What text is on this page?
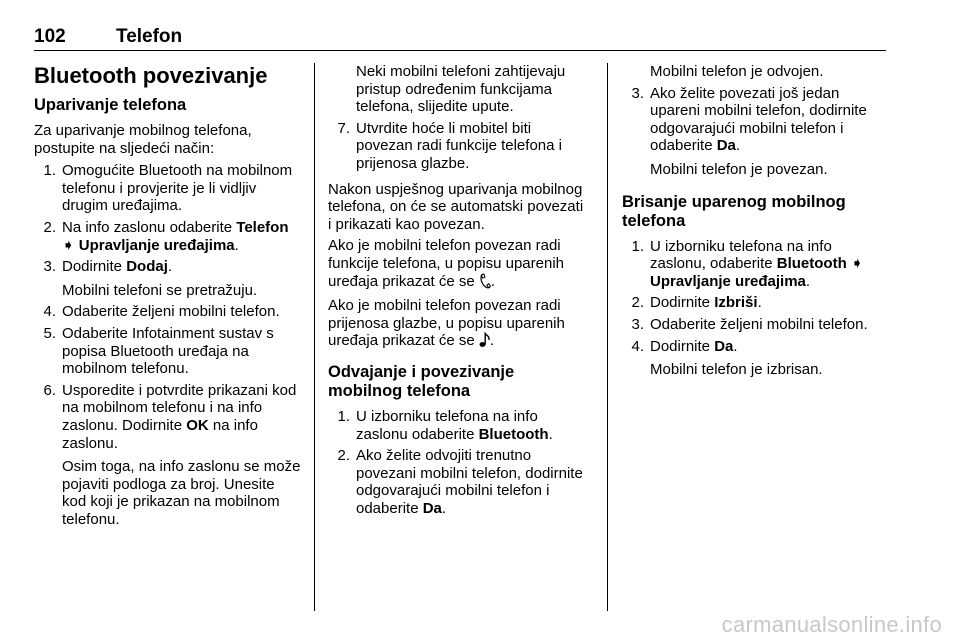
102	Telefon
Bluetooth povezivanje
Uparivanje telefona

Za uparivanje mobilnog telefona, postupite na sljedeći način:

1. Omogućite Bluetooth na mobilnom telefonu i provjerite je li vidljiv drugim uređajima.
2. Na info zaslonu odaberite Telefon ➧ Upravljanje uređajima.
3. Dodirnite Dodaj.
Mobilni telefoni se pretražuju.
4. Odaberite željeni mobilni telefon.
5. Odaberite Infotainment sustav s popisa Bluetooth uređaja na mobilnom telefonu.
6. Usporedite i potvrdite prikazani kod na mobilnom telefonu i na info zaslonu. Dodirnite OK na info zaslonu.
Osim toga, na info zaslonu se može pojaviti podloga za broj. Unesite kod koji je prikazan na mobilnom telefonu.

Neki mobilni telefoni zahtijevaju pristup određenim funkcijama telefona, slijedite upute.

7. Utvrdite hoće li mobitel biti povezan radi funkcije telefona i prijenosa glazbe.

Nakon uspješnog uparivanja mobilnog telefona, on će se automatski povezati i prikazati kao povezan.

Ako je mobilni telefon povezan radi funkcije telefona, u popisu uparenih uređaja prikazat će se .

Ako je mobilni telefon povezan radi prijenosa glazbe, u popisu uparenih uređaja prikazat će se .

Odvajanje i povezivanje mobilnog telefona
1. U izborniku telefona na info zaslonu odaberite Bluetooth.
2. Ako želite odvojiti trenutno povezani mobilni telefon, dodirnite odgovarajući mobilni telefon i odaberite Da.

Mobilni telefon je odvojen.

3. Ako želite povezati još jedan upareni mobilni telefon, dodirnite odgovarajući mobilni telefon i odaberite Da.
Mobilni telefon je povezan.
Brisanje uparenog mobilnog telefona
1. U izborniku telefona na info zaslonu, odaberite Bluetooth ➧ Upravljanje uređajima.
2. Dodirnite Izbriši.
3. Odaberite željeni mobilni telefon.
4. Dodirnite Da.
Mobilni telefon je izbrisan.
carmanualsonline.info
